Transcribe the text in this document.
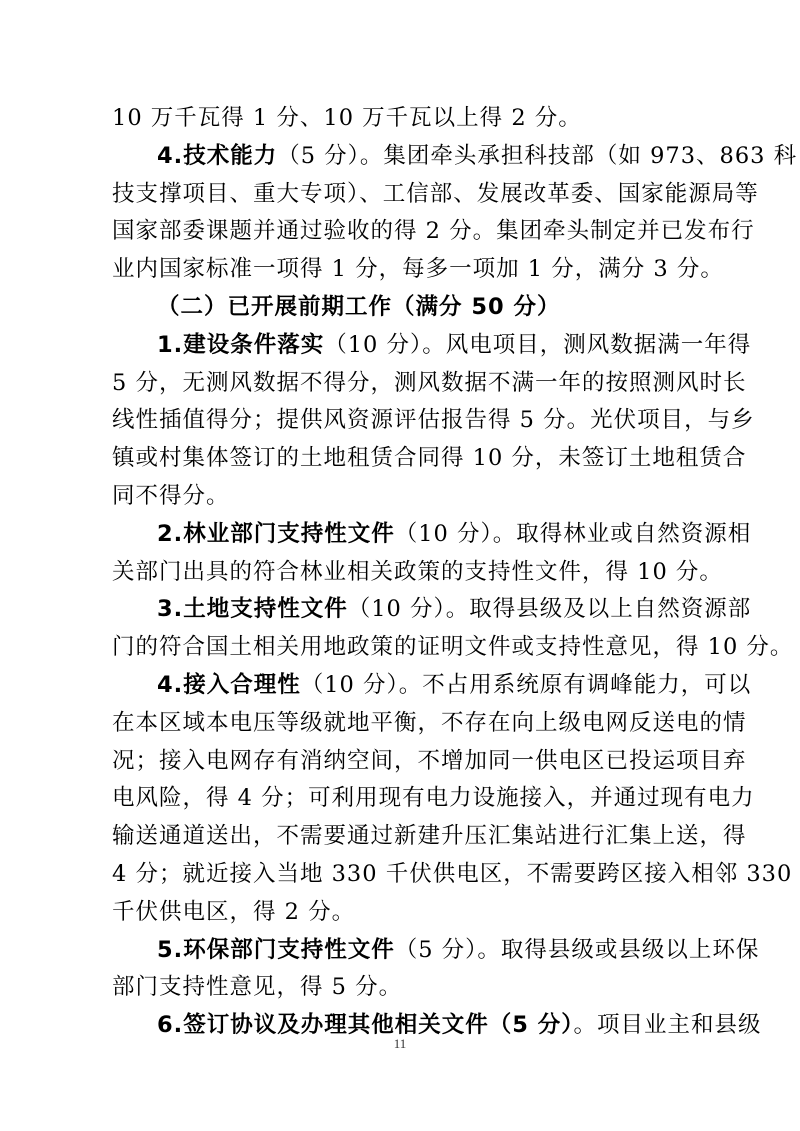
10 万千瓦得 1 分、10 万千瓦以上得 2 分。
4.技术能力（5 分）。集团牵头承担科技部（如 973、863 科
技支撑项目、重大专项）、工信部、发展改革委、国家能源局等
国家部委课题并通过验收的得 2 分。集团牵头制定并已发布行
业内国家标准一项得 1 分，每多一项加 1 分，满分 3 分。
（二）已开展前期工作（满分 50 分）
1.建设条件落实（10 分）。风电项目，测风数据满一年得
5 分，无测风数据不得分，测风数据不满一年的按照测风时长
线性插值得分；提供风资源评估报告得 5 分。光伏项目，与乡
镇或村集体签订的土地租赁合同得 10 分，未签订土地租赁合
同不得分。
2.林业部门支持性文件（10 分）。取得林业或自然资源相
关部门出具的符合林业相关政策的支持性文件，得 10 分。
3.土地支持性文件（10 分）。取得县级及以上自然资源部
门的符合国土相关用地政策的证明文件或支持性意见，得 10 分。
4.接入合理性（10 分）。不占用系统原有调峰能力，可以
在本区域本电压等级就地平衡，不存在向上级电网反送电的情
况；接入电网存有消纳空间，不增加同一供电区已投运项目弃
电风险，得 4 分；可利用现有电力设施接入，并通过现有电力
输送通道送出，不需要通过新建升压汇集站进行汇集上送，得
4 分；就近接入当地 330 千伏供电区，不需要跨区接入相邻 330
千伏供电区，得 2 分。
5.环保部门支持性文件（5 分）。取得县级或县级以上环保
部门支持性意见，得 5 分。
6.签订协议及办理其他相关文件（5 分）。项目业主和县级
11
